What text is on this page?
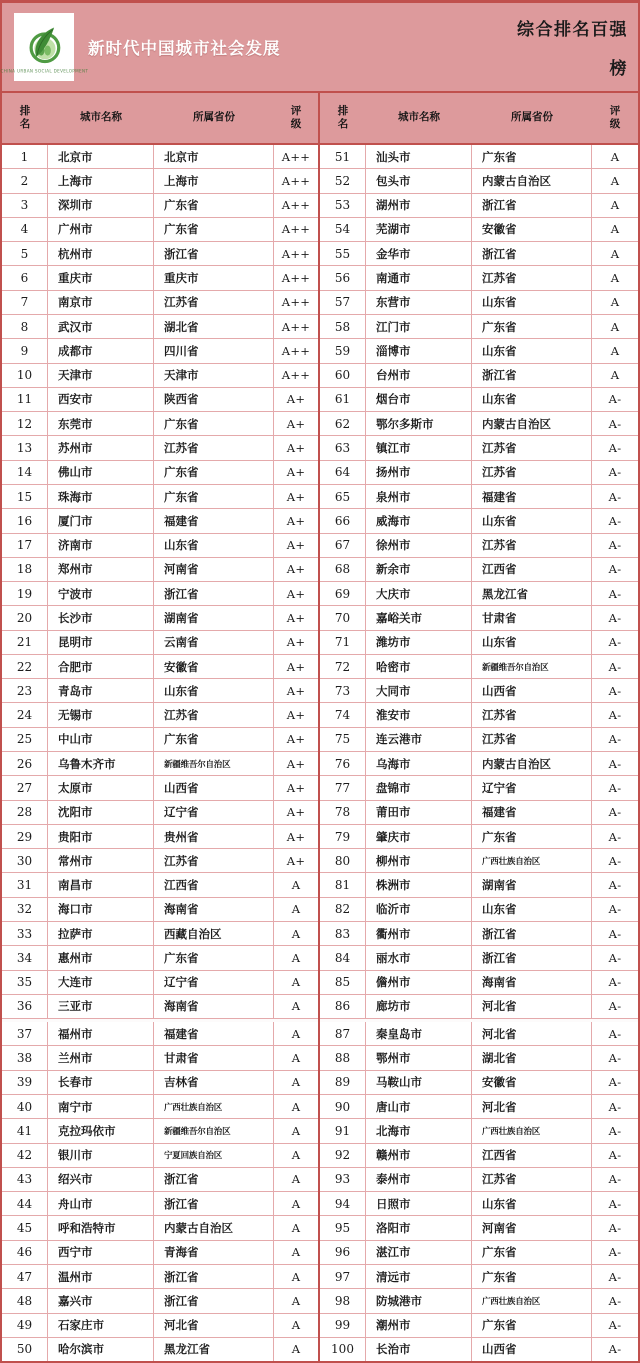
CHINA URBAN SOCIAL DEVELOPMENT
新时代中国城市社会发展
综合排名百强
榜
排
名
城市名称	所属省份
评
级
1	北京市	北京市	A++
2	上海市	上海市	A++
3	深圳市	广东省	A++
4	广州市	广东省	A++
5	杭州市	浙江省	A++
6	重庆市	重庆市	A++
7	南京市	江苏省	A++
8	武汉市	湖北省	A++
9	成都市	四川省	A++
10	天津市	天津市	A++
11	西安市	陕西省	A+
12	东莞市	广东省	A+
13	苏州市	江苏省	A+
14	佛山市	广东省	A+
15	珠海市	广东省	A+
16	厦门市	福建省	A+
17	济南市	山东省	A+
18	郑州市	河南省	A+
19	宁波市	浙江省	A+
20	长沙市	湖南省	A+
21	昆明市	云南省	A+
22	合肥市	安徽省	A+
23	青岛市	山东省	A+
24	无锡市	江苏省	A+
25	中山市	广东省	A+
26	乌鲁木齐市	新疆维吾尔自治区	A+
27	太原市	山西省	A+
28	沈阳市	辽宁省	A+
29	贵阳市	贵州省	A+
30	常州市	江苏省	A+
31	南昌市	江西省	A
32	海口市	海南省	A
33	拉萨市	西藏自治区	A
34	惠州市	广东省	A
35	大连市	辽宁省	A
36	三亚市	海南省	A
37	福州市	福建省	A
38	兰州市	甘肃省	A
39	长春市	吉林省	A
40	南宁市	广西壮族自治区	A
41	克拉玛依市	新疆维吾尔自治区	A
42	银川市	宁夏回族自治区	A
43	绍兴市	浙江省	A
44	舟山市	浙江省	A
45	呼和浩特市	内蒙古自治区	A
46	西宁市	青海省	A
47	温州市	浙江省	A
48	嘉兴市	浙江省	A
49	石家庄市	河北省	A
50	哈尔滨市	黑龙江省	A
排
名
城市名称	所属省份
评
级
51	汕头市	广东省	A
52	包头市	内蒙古自治区	A
53	湖州市	浙江省	A
54	芜湖市	安徽省	A
55	金华市	浙江省	A
56	南通市	江苏省	A
57	东营市	山东省	A
58	江门市	广东省	A
59	淄博市	山东省	A
60	台州市	浙江省	A
61	烟台市	山东省	A-
62	鄂尔多斯市	内蒙古自治区	A-
63	镇江市	江苏省	A-
64	扬州市	江苏省	A-
65	泉州市	福建省	A-
66	威海市	山东省	A-
67	徐州市	江苏省	A-
68	新余市	江西省	A-
69	大庆市	黑龙江省	A-
70	嘉峪关市	甘肃省	A-
71	潍坊市	山东省	A-
72	哈密市	新疆维吾尔自治区	A-
73	大同市	山西省	A-
74	淮安市	江苏省	A-
75	连云港市	江苏省	A-
76	乌海市	内蒙古自治区	A-
77	盘锦市	辽宁省	A-
78	莆田市	福建省	A-
79	肇庆市	广东省	A-
80	柳州市	广西壮族自治区	A-
81	株洲市	湖南省	A-
82	临沂市	山东省	A-
83	衢州市	浙江省	A-
84	丽水市	浙江省	A-
85	儋州市	海南省	A-
86	廊坊市	河北省	A-
87	秦皇岛市	河北省	A-
88	鄂州市	湖北省	A-
89	马鞍山市	安徽省	A-
90	唐山市	河北省	A-
91	北海市	广西壮族自治区	A-
92	赣州市	江西省	A-
93	泰州市	江苏省	A-
94	日照市	山东省	A-
95	洛阳市	河南省	A-
96	湛江市	广东省	A-
97	清远市	广东省	A-
98	防城港市	广西壮族自治区	A-
99	潮州市	广东省	A-
100	长治市	山西省	A-
